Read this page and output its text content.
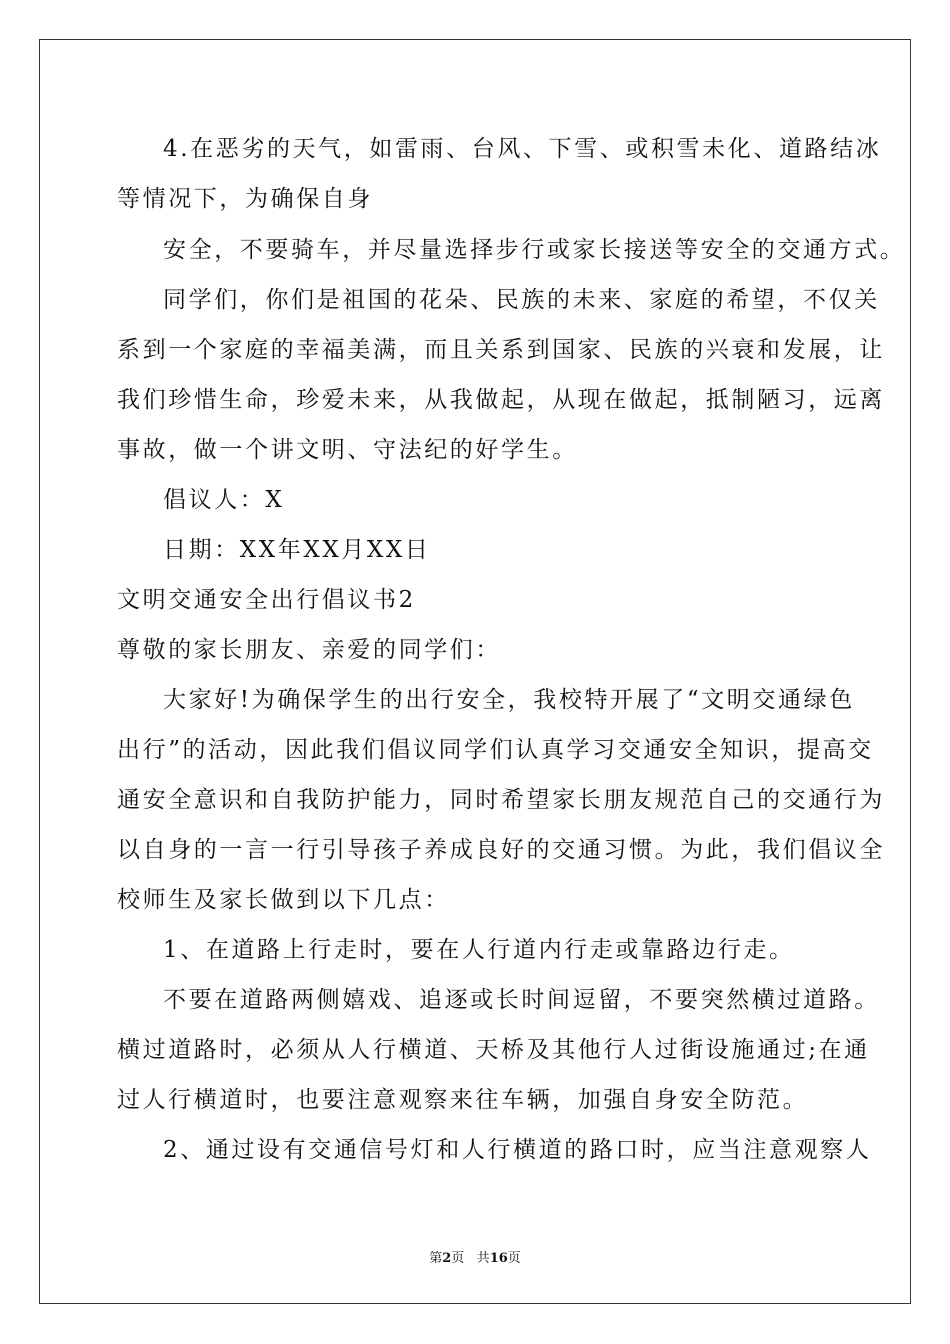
4.在恶劣的天气，如雷雨、台风、下雪、或积雪未化、道路结冰

等情况下，为确保自身

安全，不要骑车，并尽量选择步行或家长接送等安全的交通方式。

同学们，你们是祖国的花朵、民族的未来、家庭的希望，不仅关

系到一个家庭的幸福美满，而且关系到国家、民族的兴衰和发展，让

我们珍惜生命，珍爱未来，从我做起，从现在做起，抵制陋习，远离

事故，做一个讲文明、守法纪的好学生。

倡议人：X

日期：XX年XX月XX日

文明交通安全出行倡议书2

尊敬的家长朋友、亲爱的同学们：

大家好!为确保学生的出行安全，我校特开展了“文明交通绿色

出行”的活动，因此我们倡议同学们认真学习交通安全知识，提高交

通安全意识和自我防护能力，同时希望家长朋友规范自己的交通行为

以自身的一言一行引导孩子养成良好的交通习惯。为此，我们倡议全

校师生及家长做到以下几点：

1、在道路上行走时，要在人行道内行走或靠路边行走。

不要在道路两侧嬉戏、追逐或长时间逗留，不要突然横过道路。

横过道路时，必须从人行横道、天桥及其他行人过街设施通过;在通

过人行横道时，也要注意观察来往车辆，加强自身安全防范。

2、通过设有交通信号灯和人行横道的路口时，应当注意观察人

第2页 共16页
